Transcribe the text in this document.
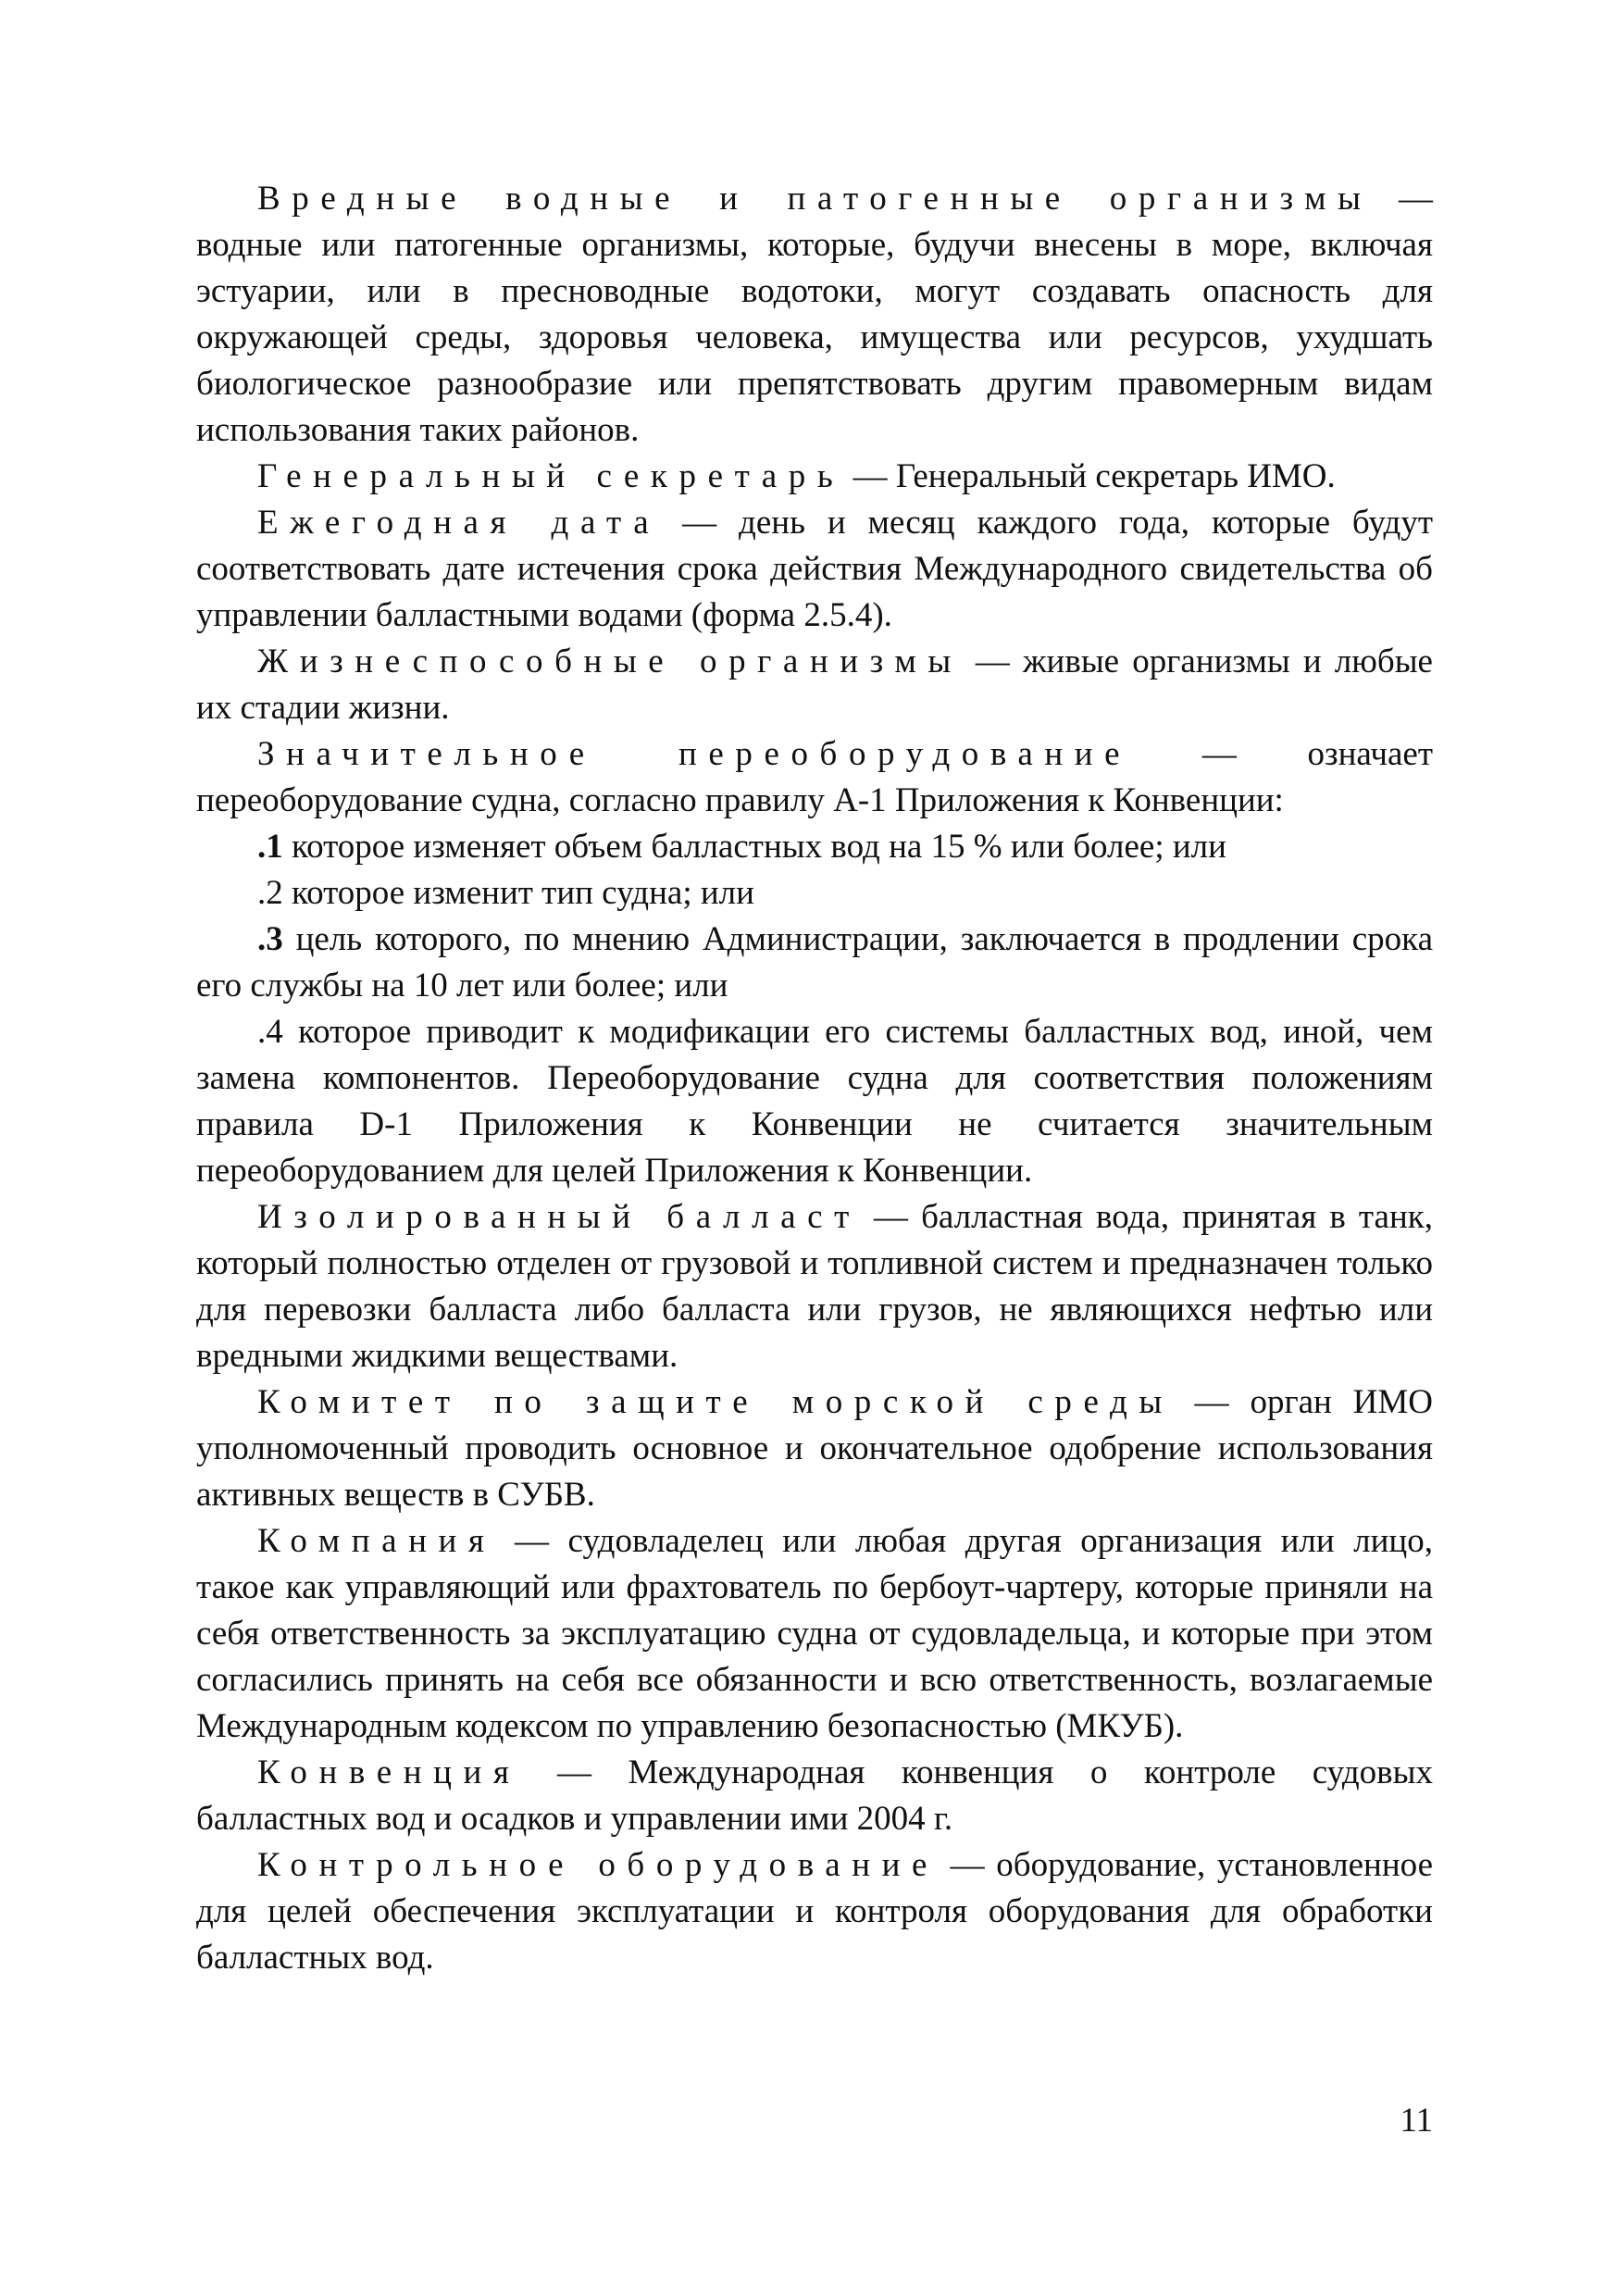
Вредные водные и патогенные организмы — водные или патогенные организмы, которые, будучи внесены в море, включая эстуарии, или в пресноводные водотоки, могут создавать опасность для окружающей среды, здоровья человека, имущества или ресурсов, ухудшать биологическое разнообразие или препятствовать другим правомерным видам использования таких районов.

Генеральный секретарь — Генеральный секретарь ИМО.

Ежегодная дата — день и месяц каждого года, которые будут соответствовать дате истечения срока действия Международного свидетельства об управлении балластными водами (форма 2.5.4).

Жизнеспособные организмы — живые организмы и любые их стадии жизни.

Значительное переоборудование — означает переоборудование судна, согласно правилу А-1 Приложения к Конвенции:

.1 которое изменяет объем балластных вод на 15 % или более; или

.2 которое изменит тип судна; или

.3 цель которого, по мнению Администрации, заключается в продлении срока его службы на 10 лет или более; или

.4 которое приводит к модификации его системы балластных вод, иной, чем замена компонентов. Переоборудование судна для соответствия положениям правила D-1 Приложения к Конвенции не считается значительным переоборудованием для целей Приложения к Конвенции.

Изолированный балласт — балластная вода, принятая в танк, который полностью отделен от грузовой и топливной систем и предназначен только для перевозки балласта либо балласта или грузов, не являющихся нефтью или вредными жидкими веществами.

Комитет по защите морской среды — орган ИМО уполномоченный проводить основное и окончательное одобрение использования активных веществ в СУБВ.

Компания — судовладелец или любая другая организация или лицо, такое как управляющий или фрахтователь по бербоут-чартеру, которые приняли на себя ответственность за эксплуатацию судна от судовладельца, и которые при этом согласились принять на себя все обязанности и всю ответственность, возлагаемые Международным кодексом по управлению безопасностью (МКУБ).

Конвенция — Международная конвенция о контроле судовых балластных вод и осадков и управлении ими 2004 г.

Контрольное оборудование — оборудование, установленное для целей обеспечения эксплуатации и контроля оборудования для обработки балластных вод.

11
